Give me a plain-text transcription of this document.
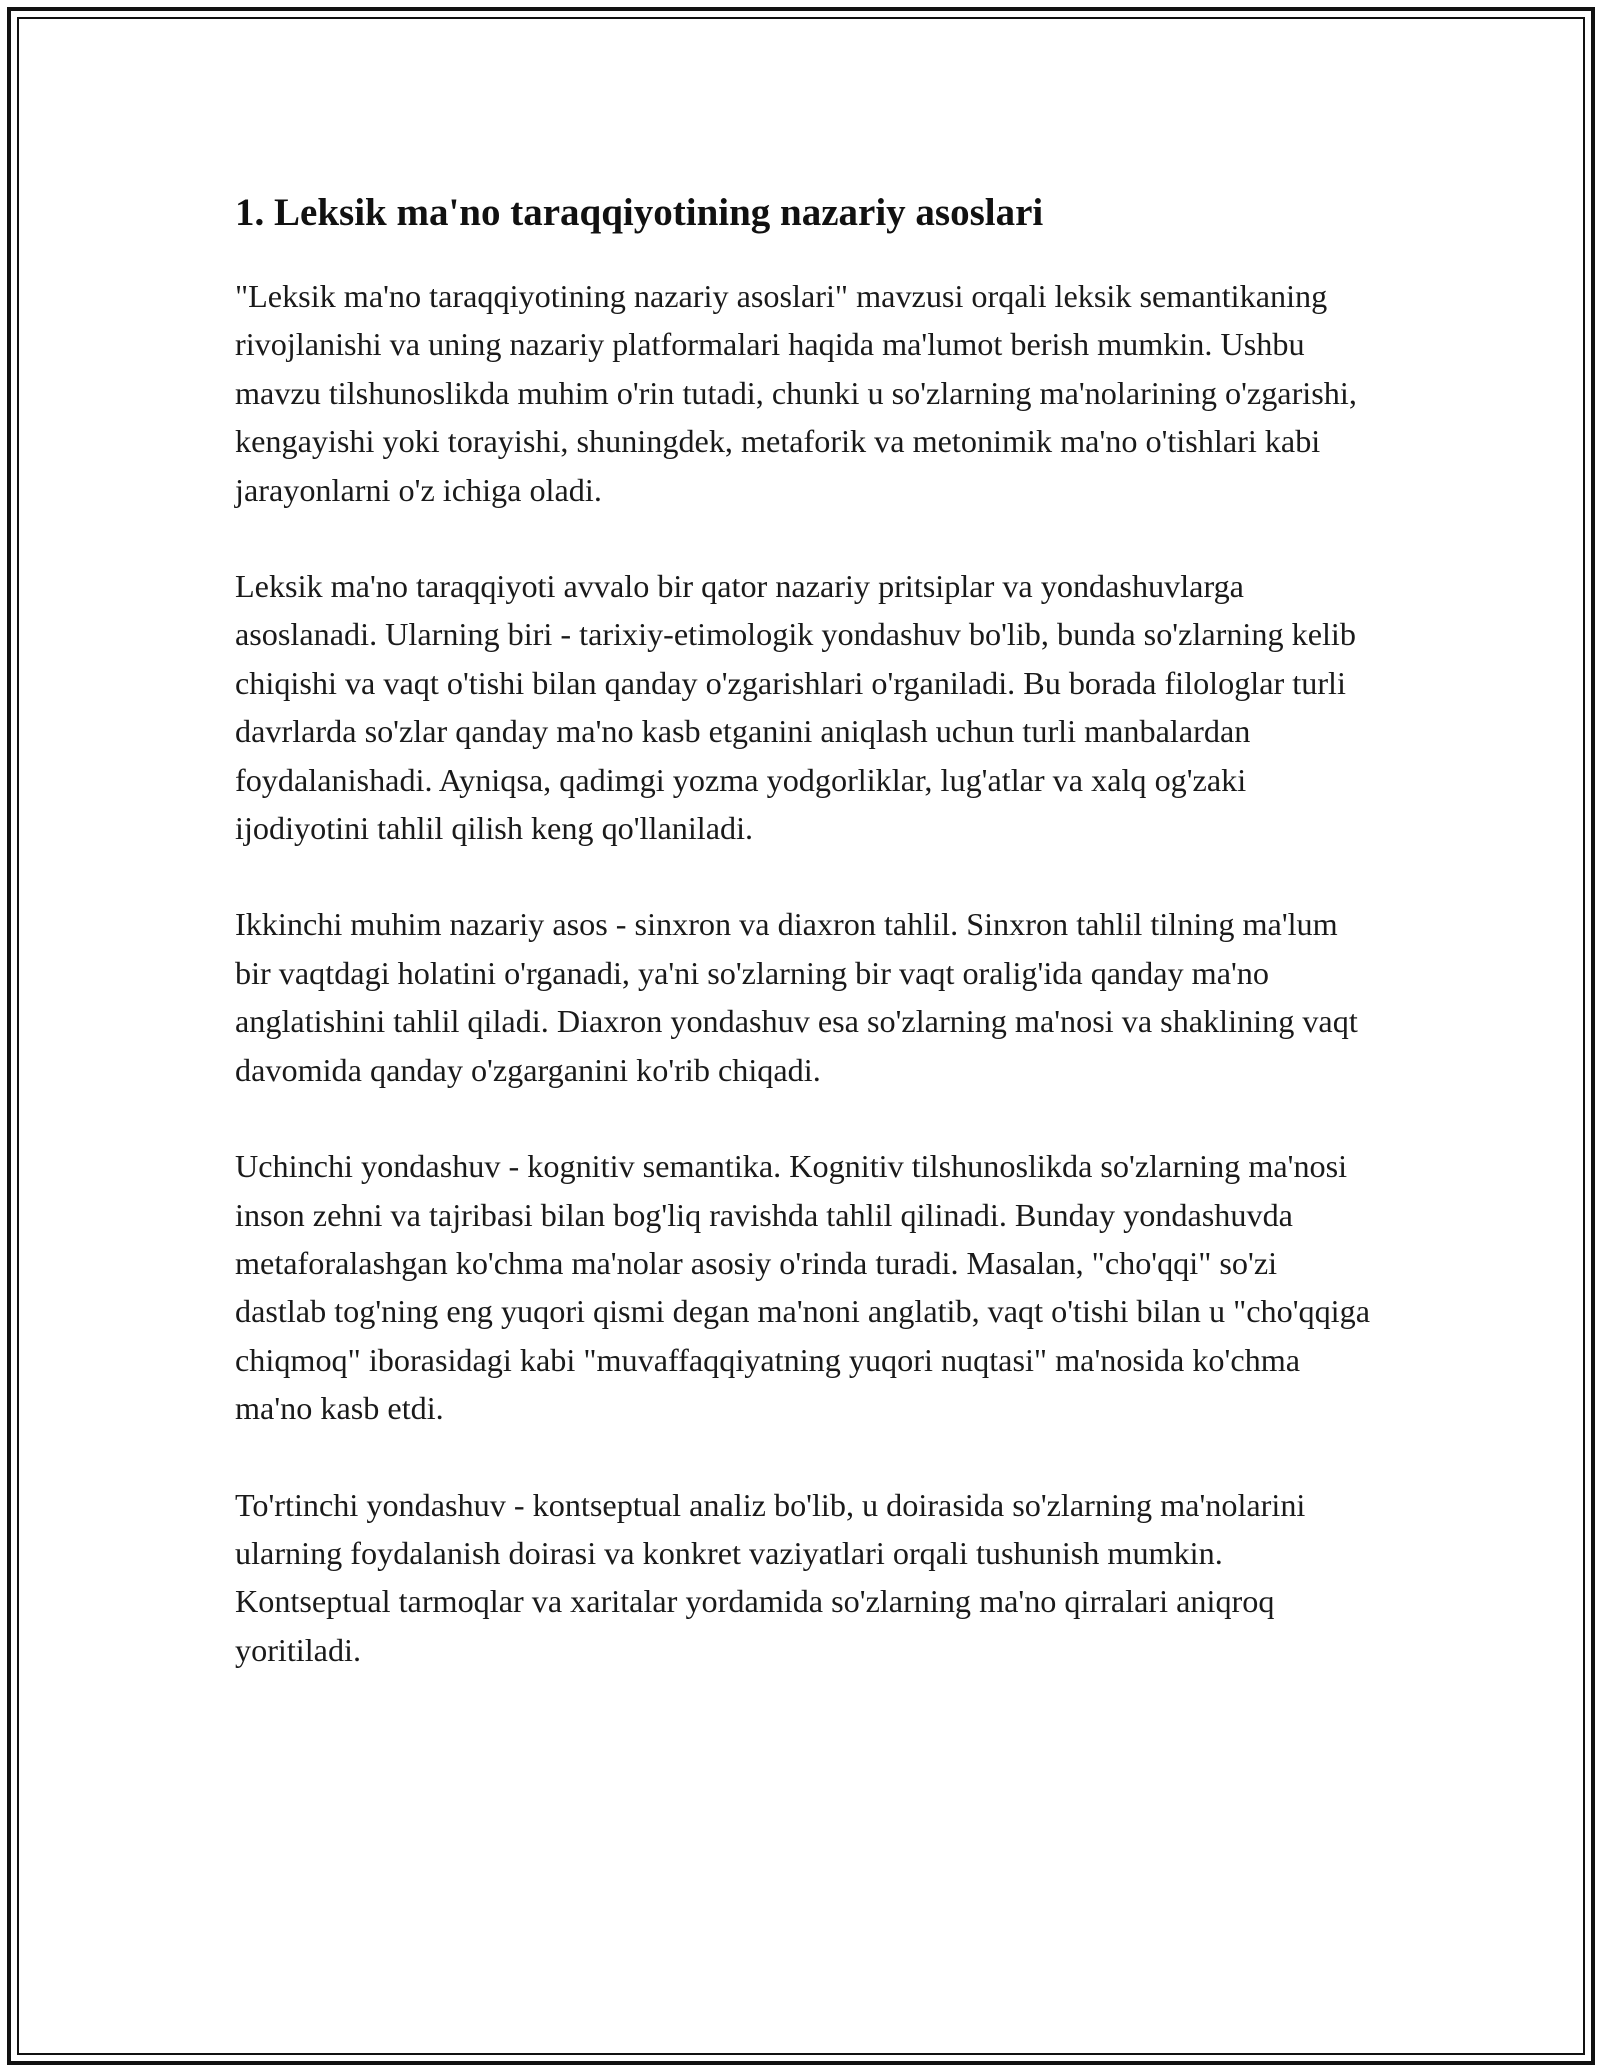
1. Leksik ma'no taraqqiyotining nazariy asoslari

"Leksik ma'no taraqqiyotining nazariy asoslari" mavzusi orqali leksik semantikaning rivojlanishi va uning nazariy platformalari haqida ma'lumot berish mumkin. Ushbu mavzu tilshunoslikda muhim o'rin tutadi, chunki u so'zlarning ma'nolarining o'zgarishi, kengayishi yoki torayishi, shuningdek, metaforik va metonimik ma'no o'tishlari kabi jarayonlarni o'z ichiga oladi.

Leksik ma'no taraqqiyoti avvalo bir qator nazariy pritsiplar va yondashuvlarga asoslanadi. Ularning biri - tarixiy-etimologik yondashuv bo'lib, bunda so'zlarning kelib chiqishi va vaqt o'tishi bilan qanday o'zgarishlari o'rganiladi. Bu borada filologlar turli davrlarda so'zlar qanday ma'no kasb etganini aniqlash uchun turli manbalardan foydalanishadi. Ayniqsa, qadimgi yozma yodgorliklar, lug'atlar va xalq og'zaki ijodiyotini tahlil qilish keng qo'llaniladi.

Ikkinchi muhim nazariy asos - sinxron va diaxron tahlil. Sinxron tahlil tilning ma'lum bir vaqtdagi holatini o'rganadi, ya'ni so'zlarning bir vaqt oralig'ida qanday ma'no anglatishini tahlil qiladi. Diaxron yondashuv esa so'zlarning ma'nosi va shaklining vaqt davomida qanday o'zgarganini ko'rib chiqadi.

Uchinchi yondashuv - kognitiv semantika. Kognitiv tilshunoslikda so'zlarning ma'nosi inson zehni va tajribasi bilan bog'liq ravishda tahlil qilinadi. Bunday yondashuvda metaforalashgan ko'chma ma'nolar asosiy o'rinda turadi. Masalan, "cho'qqi" so'zi dastlab tog'ning eng yuqori qismi degan ma'noni anglatib, vaqt o'tishi bilan u "cho'qqiga chiqmoq" iborasidagi kabi "muvaffaqqiyatning yuqori nuqtasi" ma'nosida ko'chma ma'no kasb etdi.

To'rtinchi yondashuv - kontseptual analiz bo'lib, u doirasida so'zlarning ma'nolarini ularning foydalanish doirasi va konkret vaziyatlari orqali tushunish mumkin. Kontseptual tarmoqlar va xaritalar yordamida so'zlarning ma'no qirralari aniqroq yoritiladi.
